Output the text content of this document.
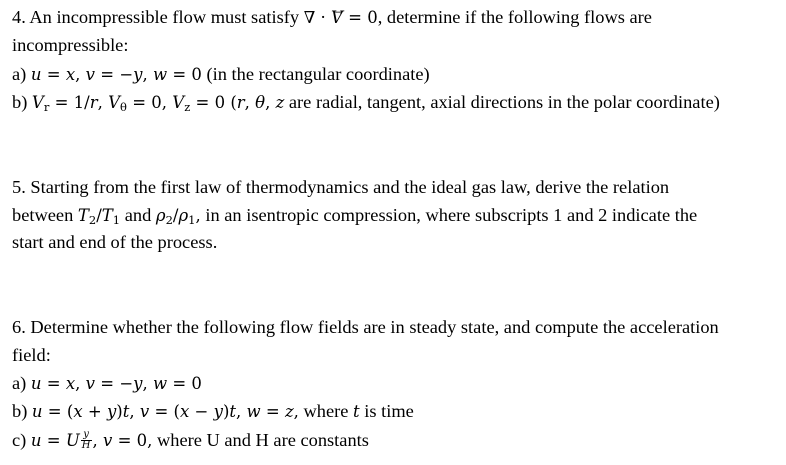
4. An incompressible flow must satisfy ∇ · V⃗ = 0, determine if the following flows are
incompressible:
a) u = x, v = −y, w = 0 (in the rectangular coordinate)
b) $V_r = 1/r$, $V_\theta = 0$, $V_z = 0$ (r, θ, z are radial, tangent, axial directions in the polar coordinate)
5. Starting from the first law of thermodynamics and the ideal gas law, derive the relation
between $T_2/T_1$ and $\rho_2/\rho_1$, in an isentropic compression, where subscripts 1 and 2 indicate the
start and end of the process.
6. Determine whether the following flow fields are in steady state, and compute the acceleration
field:
a) u = x, v = −y, w = 0
b) u = (x + y)t, v = (x − y)t, w = z, where t is time
c) u = U $\frac{y}{H}$ , v = 0, where U and H are constants
